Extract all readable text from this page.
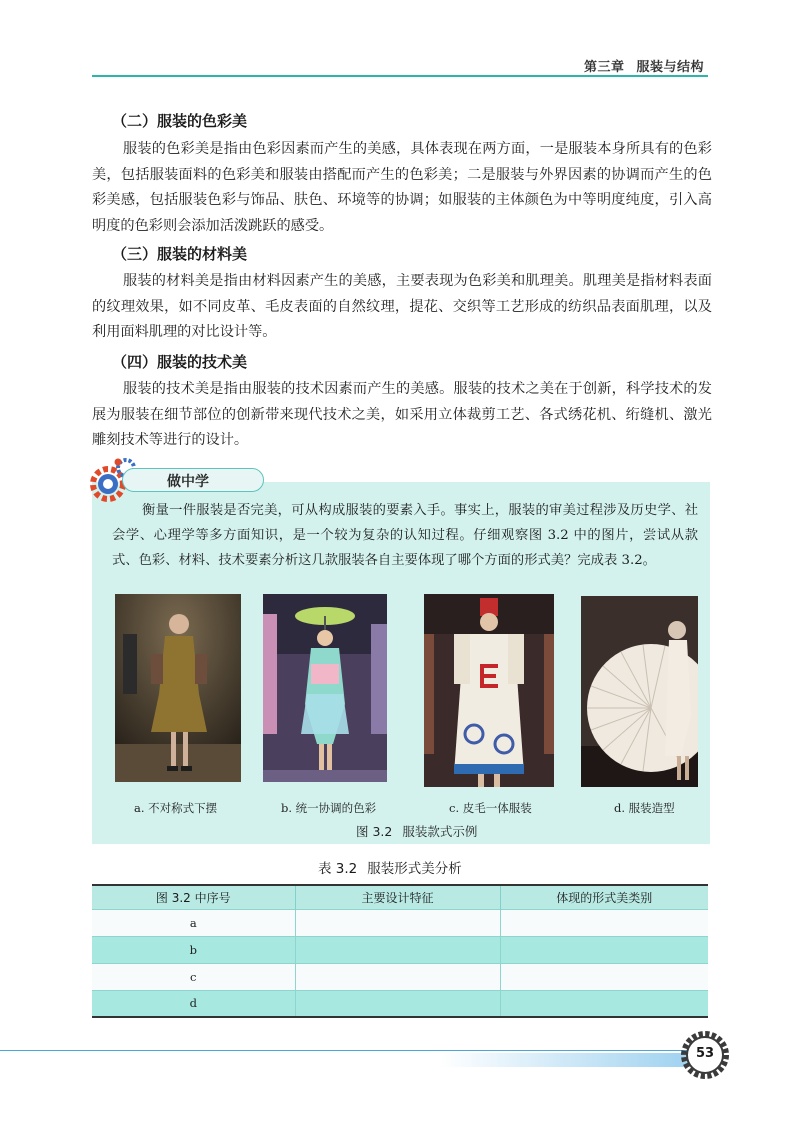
第三章 服装与结构
（二）服装的色彩美

服装的色彩美是指由色彩因素而产生的美感，具体表现在两方面，一是服装本身所具有的色彩美，包括服装面料的色彩美和服装由搭配而产生的色彩美；二是服装与外界因素的协调而产生的色彩美感，包括服装色彩与饰品、肤色、环境等的协调；如服装的主体颜色为中等明度纯度，引入高明度的色彩则会添加活泼跳跃的感受。

（三）服装的材料美

服装的材料美是指由材料因素产生的美感，主要表现为色彩美和肌理美。肌理美是指材料表面的纹理效果，如不同皮革、毛皮表面的自然纹理，提花、交织等工艺形成的纺织品表面肌理，以及利用面料肌理的对比设计等。

（四）服装的技术美

服装的技术美是指由服装的技术因素而产生的美感。服装的技术之美在于创新，科学技术的发展为服装在细节部位的创新带来现代技术之美，如采用立体裁剪工艺、各式绣花机、绗缝机、激光雕刻技术等进行的设计。

做中学

衡量一件服装是否完美，可从构成服装的要素入手。事实上，服装的审美过程涉及历史学、社会学、心理学等多方面知识，是一个较为复杂的认知过程。仔细观察图 3.2 中的图片，尝试从款式、色彩、材料、技术要素分析这几款服装各自主要体现了哪个方面的形式美？完成表 3.2。

a. 不对称式下摆	b. 统一协调的色彩	c. 皮毛一体服装	d. 服装造型
图 3.2 服装款式示例
表 3.2 服装形式美分析
图 3.2 中序号	主要设计特征	体现的形式美类别
a		
b		
c		
d		
53
